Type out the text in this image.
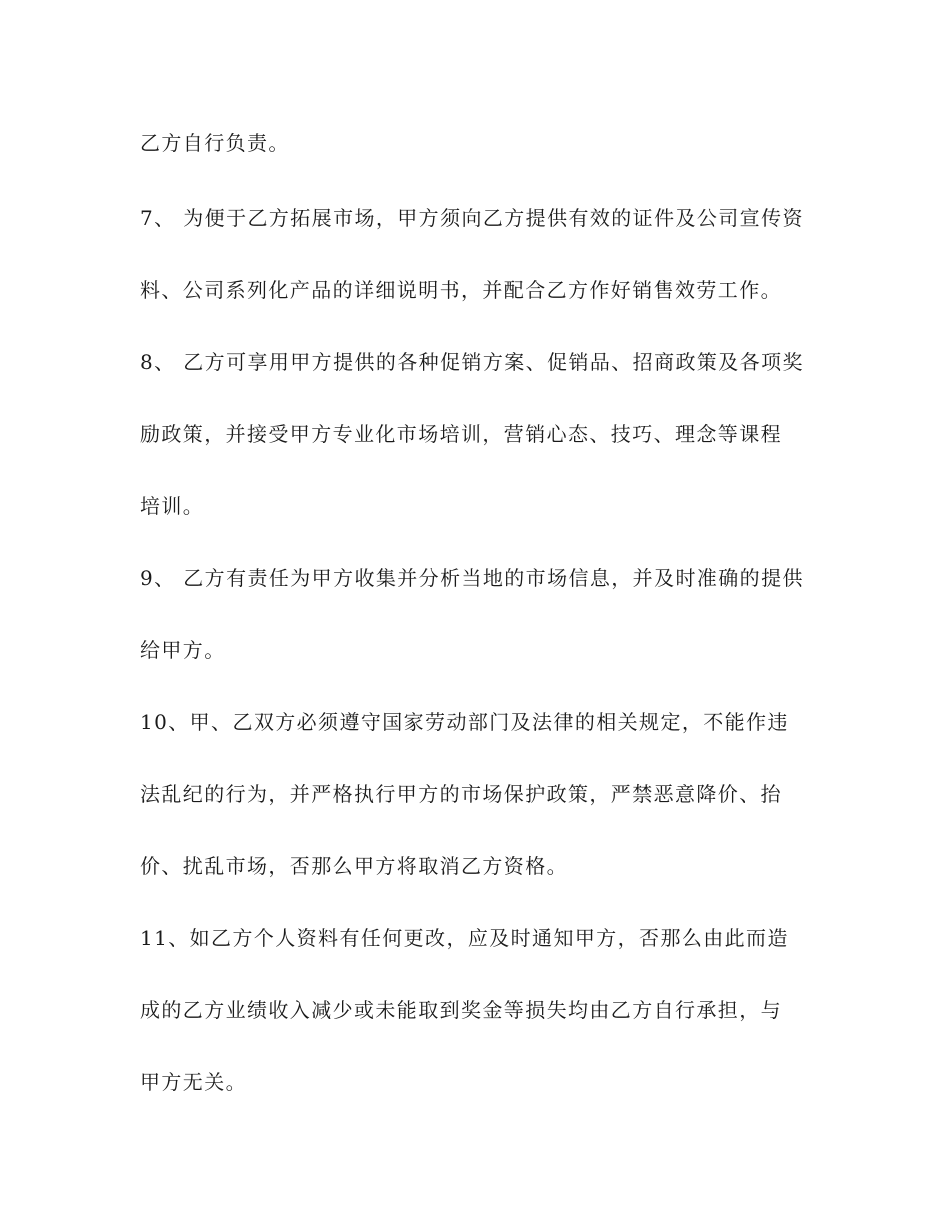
乙方自行负责。

7、 为便于乙方拓展市场，甲方须向乙方提供有效的证件及公司宣传资

料、公司系列化产品的详细说明书，并配合乙方作好销售效劳工作。

8、 乙方可享用甲方提供的各种促销方案、促销品、招商政策及各项奖

励政策，并接受甲方专业化市场培训，营销心态、技巧、理念等课程

培训。

9、 乙方有责任为甲方收集并分析当地的市场信息，并及时准确的提供

给甲方。

10、甲、乙双方必须遵守国家劳动部门及法律的相关规定，不能作违

法乱纪的行为，并严格执行甲方的市场保护政策，严禁恶意降价、抬

价、扰乱市场，否那么甲方将取消乙方资格。

11、如乙方个人资料有任何更改，应及时通知甲方，否那么由此而造

成的乙方业绩收入减少或未能取到奖金等损失均由乙方自行承担，与

甲方无关。
